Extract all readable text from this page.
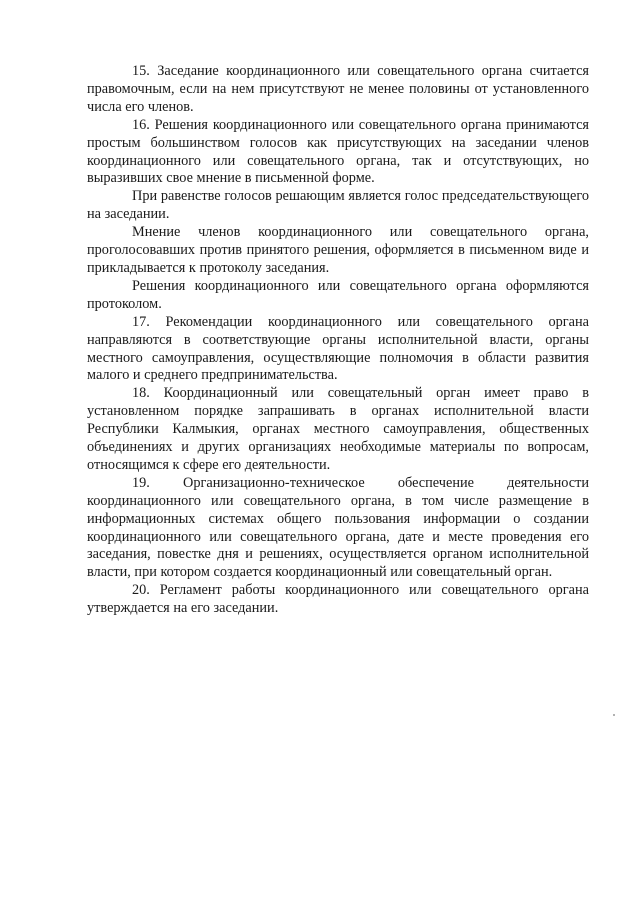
15. Заседание координационного или совещательного органа считается правомочным, если на нем присутствуют не менее половины от установленного числа его членов.

16. Решения координационного или совещательного органа принимаются простым большинством голосов как присутствующих на заседании членов координационного или совещательного органа, так и отсутствующих, но выразивших свое мнение в письменной форме.

При равенстве голосов решающим является голос председательствующего на заседании.

Мнение членов координационного или совещательного органа, проголосовавших против принятого решения, оформляется в письменном виде и прикладывается к протоколу заседания.

Решения координационного или совещательного органа оформляются протоколом.

17. Рекомендации координационного или совещательного органа направляются в соответствующие органы исполнительной власти, органы местного самоуправления, осуществляющие полномочия в области развития малого и среднего предпринимательства.

18. Координационный или совещательный орган имеет право в установленном порядке запрашивать в органах исполнительной власти Республики Калмыкия, органах местного самоуправления, общественных объединениях и других организациях необходимые материалы по вопросам, относящимся к сфере его деятельности.

19. Организационно-техническое обеспечение деятельности координационного или совещательного органа, в том числе размещение в информационных системах общего пользования информации о создании координационного или совещательного органа, дате и месте проведения его заседания, повестке дня и решениях, осуществляется органом исполнительной власти, при котором создается координационный или совещательный орган.

20. Регламент работы координационного или совещательного органа утверждается на его заседании.
